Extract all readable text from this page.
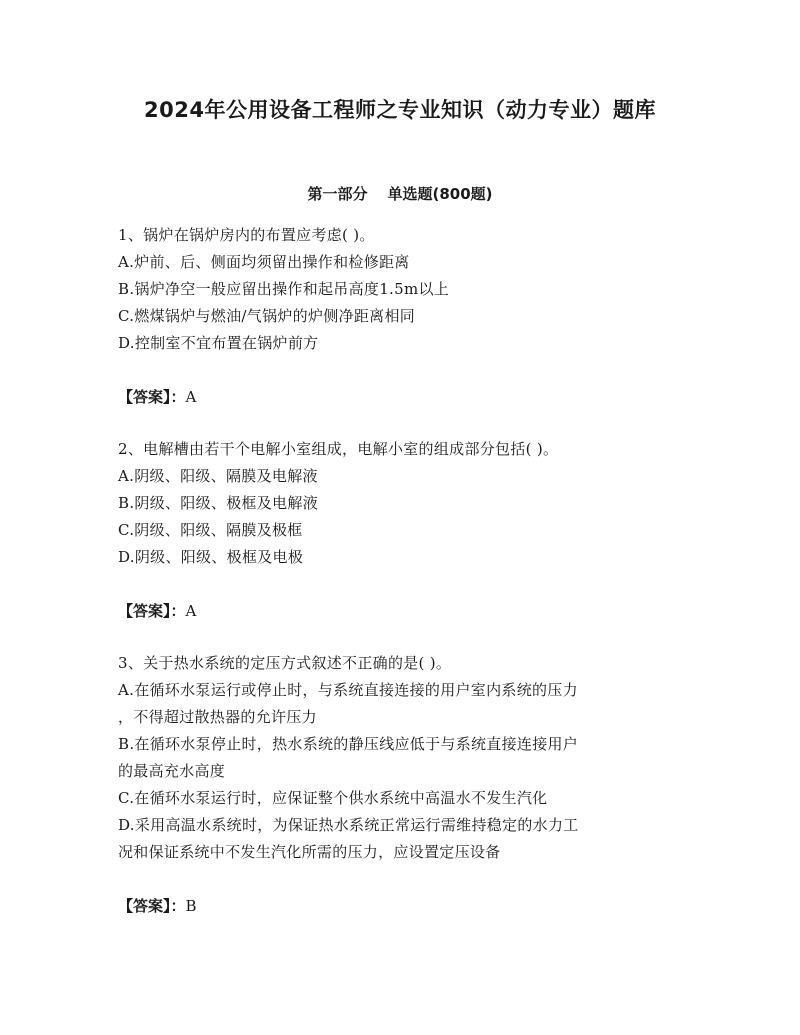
2024年公用设备工程师之专业知识（动力专业）题库
第一部分 单选题(800题)
1、锅炉在锅炉房内的布置应考虑( )。
A.炉前、后、侧面均须留出操作和检修距离
B.锅炉净空一般应留出操作和起吊高度1.5m以上
C.燃煤锅炉与燃油/气锅炉的炉侧净距离相同
D.控制室不宜布置在锅炉前方
【答案】：A
2、电解槽由若干个电解小室组成，电解小室的组成部分包括( )。
A.阴级、阳级、隔膜及电解液
B.阴级、阳级、极框及电解液
C.阴级、阳级、隔膜及极框
D.阴级、阳级、极框及电极
【答案】：A
3、关于热水系统的定压方式叙述不正确的是( )。
A.在循环水泵运行或停止时，与系统直接连接的用户室内系统的压力
，不得超过散热器的允许压力
B.在循环水泵停止时，热水系统的静压线应低于与系统直接连接用户
的最高充水高度
C.在循环水泵运行时，应保证整个供水系统中高温水不发生汽化
D.采用高温水系统时，为保证热水系统正常运行需维持稳定的水力工
况和保证系统中不发生汽化所需的压力，应设置定压设备
【答案】：B
